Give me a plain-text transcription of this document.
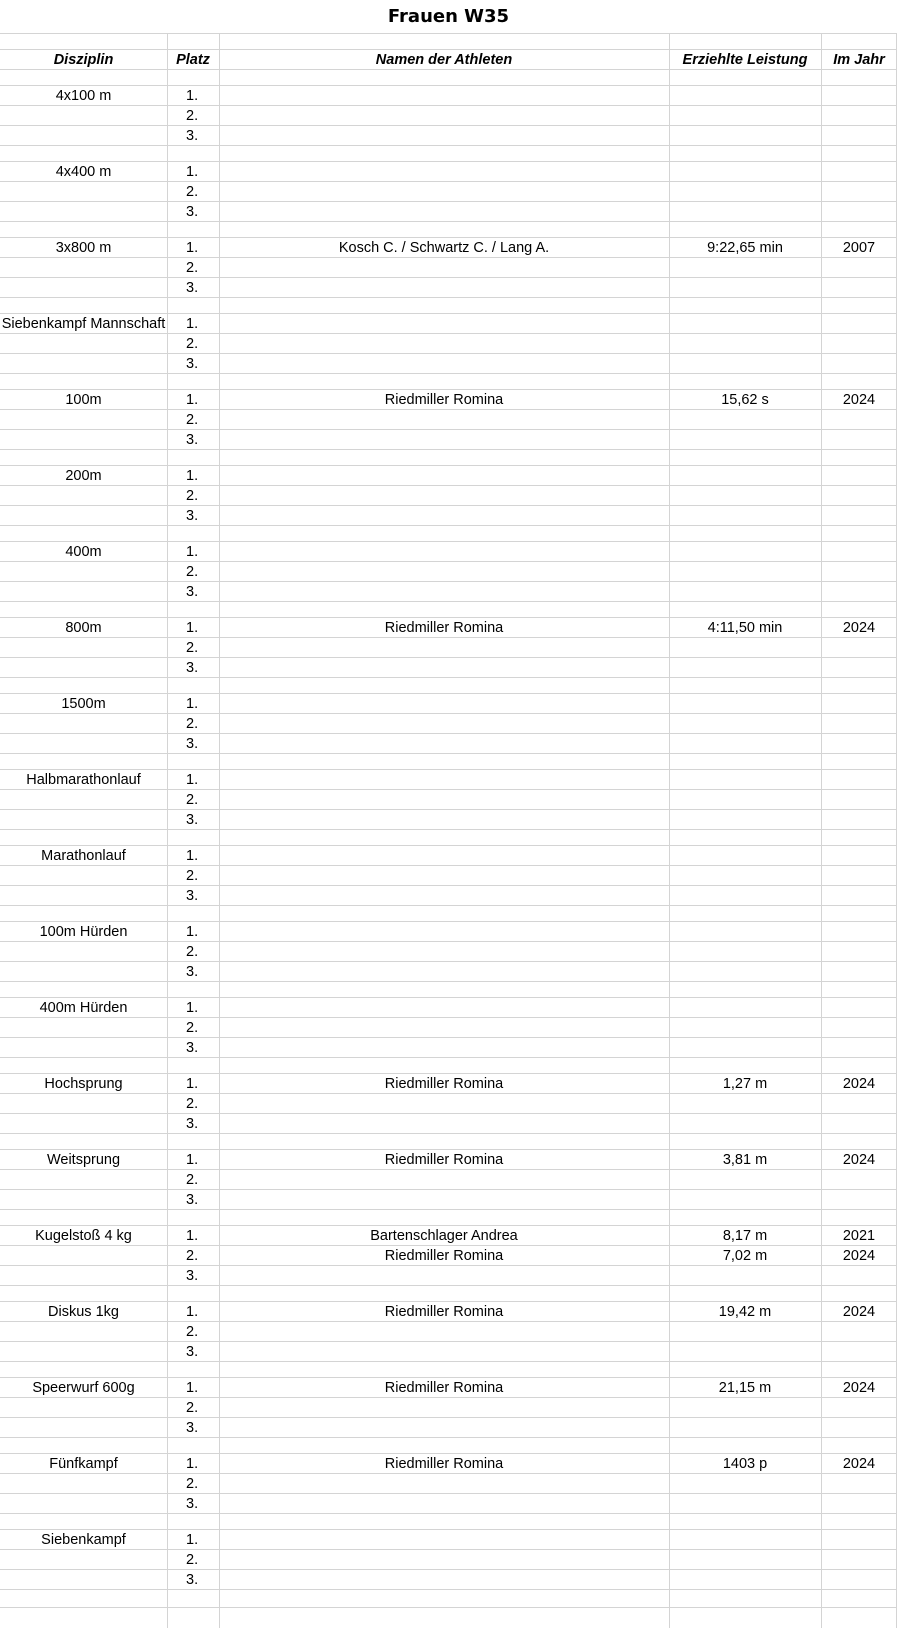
Frauen W35
Disziplin	Platz	Namen der Athleten	Erziehlte Leistung	Im Jahr
4x100 m	1.
2.
3.
4x400 m	1.
2.
3.
3x800 m	1.	Kosch C. / Schwartz C. / Lang A.	9:22,65 min	2007
2.
3.
Siebenkampf Mannschaft 1.
2.
3.
100m	1.	Riedmiller Romina	15,62 s	2024
2.
3.
200m	1.
2.
3.
400m	1.
2.
3.
800m	1.	Riedmiller Romina	4:11,50 min	2024
2.
3.
1500m	1.
2.
3.
Halbmarathonlauf	1.
2.
3.
Marathonlauf	1.
2.
3.
100m Hürden	1.
2.
3.
400m Hürden	1.
2.
3.
Hochsprung	1.	Riedmiller Romina	1,27 m	2024
2.
3.
Weitsprung	1.	Riedmiller Romina	3,81 m	2024
2.
3.
Kugelstoß 4 kg	1.	Bartenschlager Andrea	8,17 m	2021
2.	Riedmiller Romina	7,02 m	2024
3.
Diskus 1kg	1.	Riedmiller Romina	19,42 m	2024
2.
3.
Speerwurf 600g	1.	Riedmiller Romina	21,15 m	2024
2.
3.
Fünfkampf	1.	Riedmiller Romina	1403 p	2024
2.
3.
Siebenkampf	1.
2.
3.
